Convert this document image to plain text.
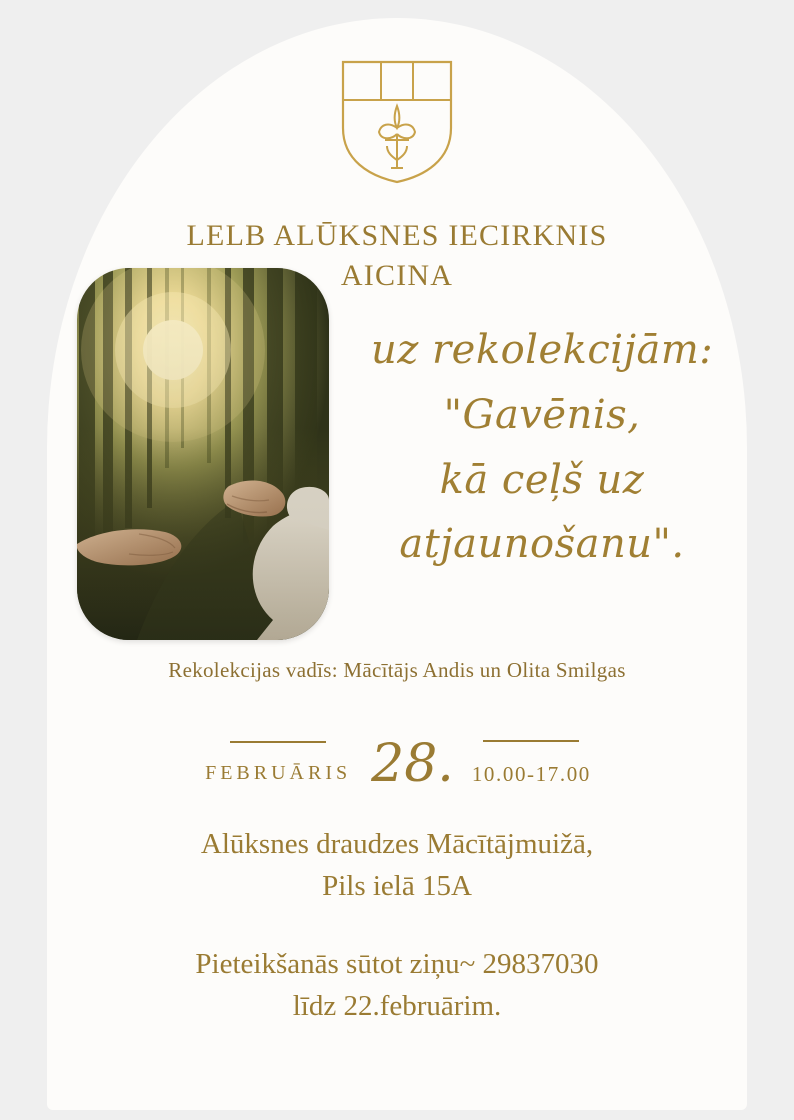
LELB ALŪKSNES IECIRKNIS
AICINA
uz rekolekcijām:
"Gavēnis,
kā ceļš uz
atjaunošanu".
Rekolekcijas vadīs: Mācītājs Andis un Olita Smilgas
FEBRUĀRIS 28. 10.00-17.00
Alūksnes draudzes Mācītājmuižā,
Pils ielā 15A
Pieteikšanās sūtot ziņu~ 29837030
līdz 22.februārim.
